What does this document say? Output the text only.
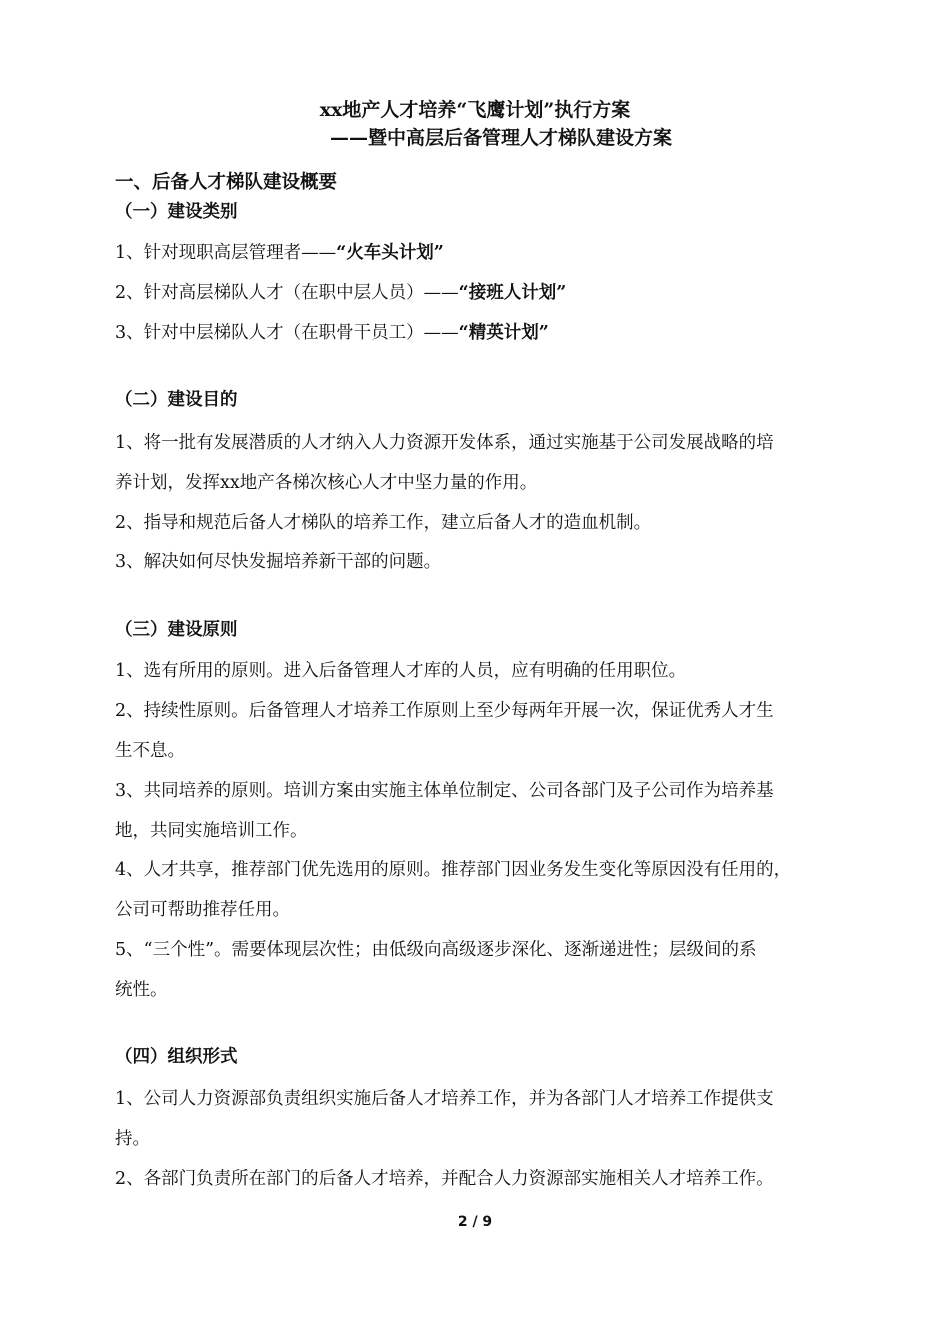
xx地产人才培养“飞鹰计划”执行方案
——暨中高层后备管理人才梯队建设方案
一、后备人才梯队建设概要
（一）建设类别
1、针对现职高层管理者——“火车头计划”
2、针对高层梯队人才（在职中层人员）——“接班人计划”
3、针对中层梯队人才（在职骨干员工）——“精英计划”
（二）建设目的
1、将一批有发展潜质的人才纳入人力资源开发体系，通过实施基于公司发展战略的培
养计划，发挥xx地产各梯次核心人才中坚力量的作用。
2、指导和规范后备人才梯队的培养工作，建立后备人才的造血机制。
3、解决如何尽快发掘培养新干部的问题。
（三）建设原则
1、选有所用的原则。进入后备管理人才库的人员，应有明确的任用职位。
2、持续性原则。后备管理人才培养工作原则上至少每两年开展一次，保证优秀人才生
生不息。
3、共同培养的原则。培训方案由实施主体单位制定、公司各部门及子公司作为培养基
地，共同实施培训工作。
4、人才共享，推荐部门优先选用的原则。推荐部门因业务发生变化等原因没有任用的，
公司可帮助推荐任用。
5、“三个性”。需要体现层次性；由低级向高级逐步深化、逐渐递进性；层级间的系
统性。
（四）组织形式
1、公司人力资源部负责组织实施后备人才培养工作，并为各部门人才培养工作提供支
持。
2、各部门负责所在部门的后备人才培养，并配合人力资源部实施相关人才培养工作。
2 / 9
